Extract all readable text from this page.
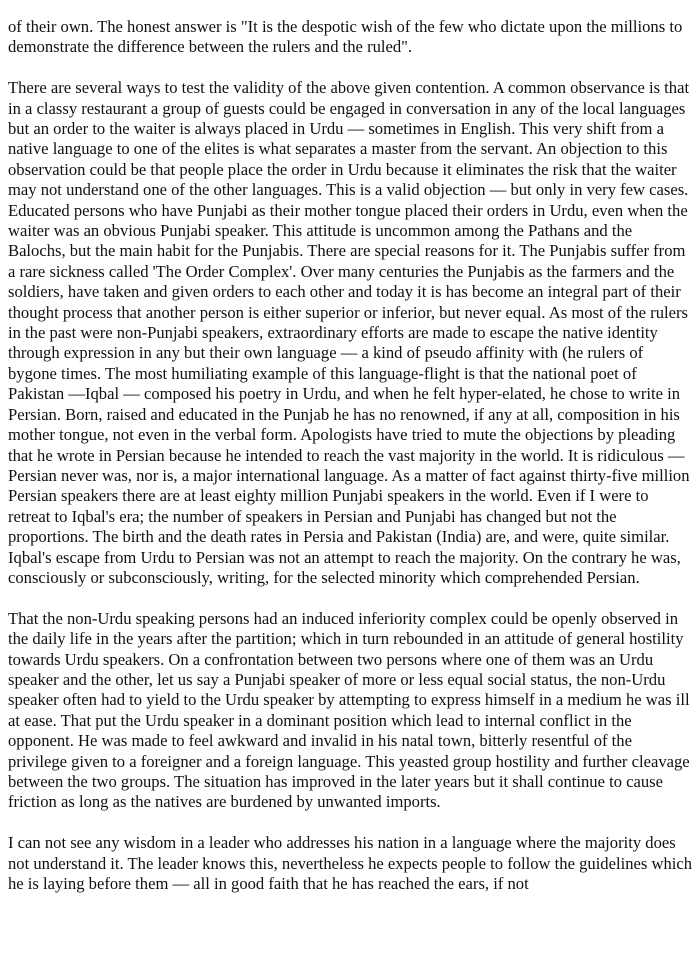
of their own. The honest answer is "It is the despotic wish of the few who dictate upon the millions to demonstrate the difference between the rulers and the ruled".

There are several ways to test the validity of the above given contention. A common observance is that in a classy restaurant a group of guests could be engaged in conversation in any of the local languages but an order to the waiter is always placed in Urdu — sometimes in English. This very shift from a native language to one of the elites is what separates a master from the servant. An objection to this observation could be that people place the order in Urdu because it eliminates the risk that the waiter may not understand one of the other languages. This is a valid objection — but only in very few cases. Educated persons who have Punjabi as their mother tongue placed their orders in Urdu, even when the waiter was an obvious Punjabi speaker. This attitude is uncommon among the Pathans and the Balochs, but the main habit for the Punjabis. There are special reasons for it. The Punjabis suffer from a rare sickness called 'The Order Complex'. Over many centuries the Punjabis as the farmers and the soldiers, have taken and given orders to each other and today it is has become an integral part of their thought process that another person is either superior or inferior, but never equal. As most of the rulers in the past were non-Punjabi speakers, extraordinary efforts are made to escape the native identity through expression in any but their own language — a kind of pseudo affinity with (he rulers of bygone times. The most humiliating example of this language-flight is that the national poet of Pakistan —Iqbal — composed his poetry in Urdu, and when he felt hyper-elated, he chose to write in Persian. Born, raised and educated in the Punjab he has no renowned, if any at all, composition in his mother tongue, not even in the verbal form. Apologists have tried to mute the objections by pleading that he wrote in Persian because he intended to reach the vast majority in the world. It is ridiculous — Persian never was, nor is, a major international language. As a matter of fact against thirty-five million Persian speakers there are at least eighty million Punjabi speakers in the world. Even if I were to retreat to Iqbal's era; the number of speakers in Persian and Punjabi has changed but not the proportions. The birth and the death rates in Persia and Pakistan (India) are, and were, quite similar. Iqbal's escape from Urdu to Persian was not an attempt to reach the majority. On the contrary he was, consciously or subconsciously, writing, for the selected minority which comprehended Persian.

That the non-Urdu speaking persons had an induced inferiority complex could be openly observed in the daily life in the years after the partition; which in turn rebounded in an attitude of general hostility towards Urdu speakers. On a confrontation between two persons where one of them was an Urdu speaker and the other, let us say a Punjabi speaker of more or less equal social status, the non-Urdu speaker often had to yield to the Urdu speaker by attempting to express himself in a medium he was ill at ease. That put the Urdu speaker in a dominant position which lead to internal conflict in the opponent. He was made to feel awkward and invalid in his natal town, bitterly resentful of the privilege given to a foreigner and a foreign language. This yeasted group hostility and further cleavage between the two groups. The situation has improved in the later years but it shall continue to cause friction as long as the natives are burdened by unwanted imports.

I can not see any wisdom in a leader who addresses his nation in a language where the majority does not understand it. The leader knows this, nevertheless he expects people to follow the guidelines which he is laying before them — all in good faith that he has reached the ears, if not
